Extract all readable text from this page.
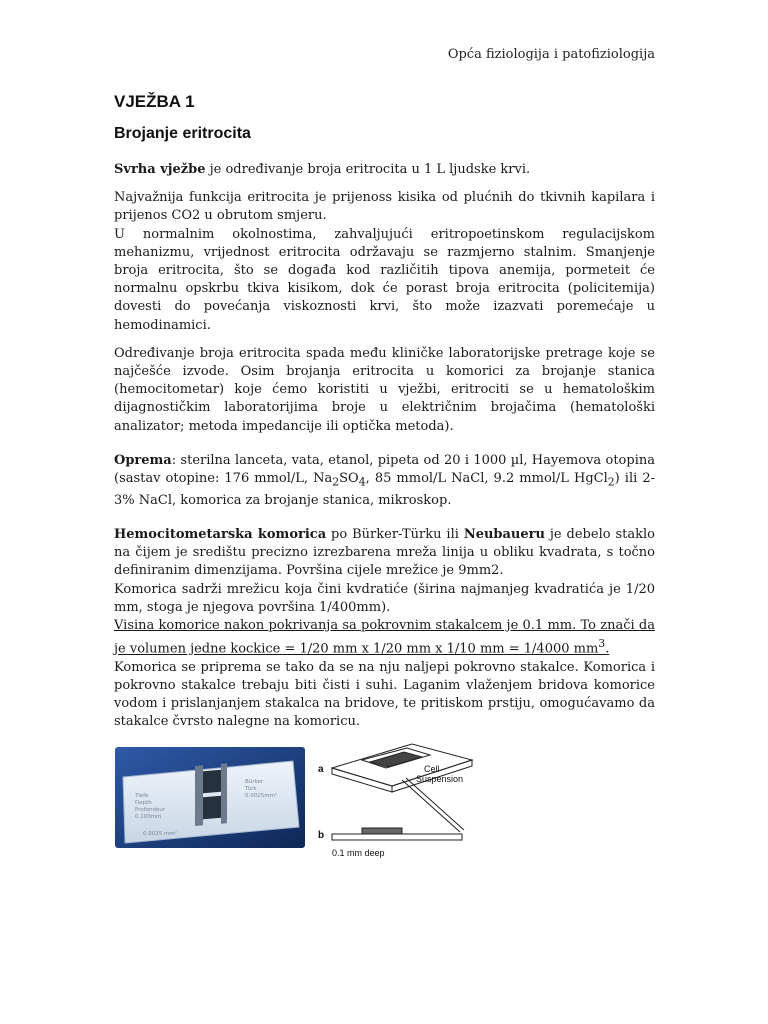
Opća fiziologija i patofiziologija
VJEŽBA 1
Brojanje eritrocita

Svrha vježbe je određivanje broja eritrocita u 1 L ljudske krvi.

Najvažnija funkcija eritrocita je prijenoss kisika od plućnih do tkivnih kapilara i prijenos CO2 u obrutom smjeru.

U normalnim okolnostima, zahvaljujući eritropoetinskom regulacijskom mehanizmu, vrijednost eritrocita održavaju se razmjerno stalnim. Smanjenje broja eritrocita, što se događa kod različitih tipova anemija, pormeteit će normalnu opskrbu tkiva kisikom, dok će porast broja eritrocita (policitemija) dovesti do povećanja viskoznosti krvi, što može izazvati poremećaje u hemodinamici.

Određivanje broja eritrocita spada među kliničke laboratorijske pretrage koje se najčešće izvode. Osim brojanja eritrocita u komorici za brojanje stanica (hemocitometar) koje ćemo koristiti u vježbi, eritrociti se u hematološkim dijagnostičkim laboratorijima broje u električnim brojačima (hematološki analizator; metoda impedancije ili optička metoda).

Oprema: sterilna lanceta, vata, etanol, pipeta od 20 i 1000 µl, Hayemova otopina (sastav otopine: 176 mmol/L, $Na_2SO_4$, 85 mmol/L NaCl, 9.2 mmol/L HgCl$_2$) ili 2-3% NaCl, komorica za brojanje stanica, mikroskop.

Hemocitometarska komorica po Bürker-Türku ili Neubaueru je debelo staklo na čijem je središtu precizno izrezbarena mreža linija u obliku kvadrata, s točno definiranim dimenzijama. Površina cijele mrežice je 9mm2.

Komorica sadrži mrežicu koja čini kvdratiće (širina najmanjeg kvadratića je 1/20 mm, stoga je njegova površina 1/400mm).

Visina komorice nakon pokrivanja sa pokrovnim stakalcem je 0.1 mm. To znači da je volumen jedne kockice = 1/20 mm x 1/20 mm x 1/10 mm = 1/4000 $mm^3$.

Komorica se priprema se tako da se na nju naljepi pokrovno stakalce. Komorica i pokrovno stakalce trebaju biti čisti i suhi. Laganim vlaženjem bridova komorice vodom i prislanjanjem stakalca na bridove, te pritiskom prstiju, omogućavamo da stakalce čvrsto nalegne na komoricu.

Tiefe
Depth
Profondeur
0.100mm
Bürker
Türk
0.0025mm²
0.0025 mm²
a
b
Cell
Suspension
0.1 mm deep
